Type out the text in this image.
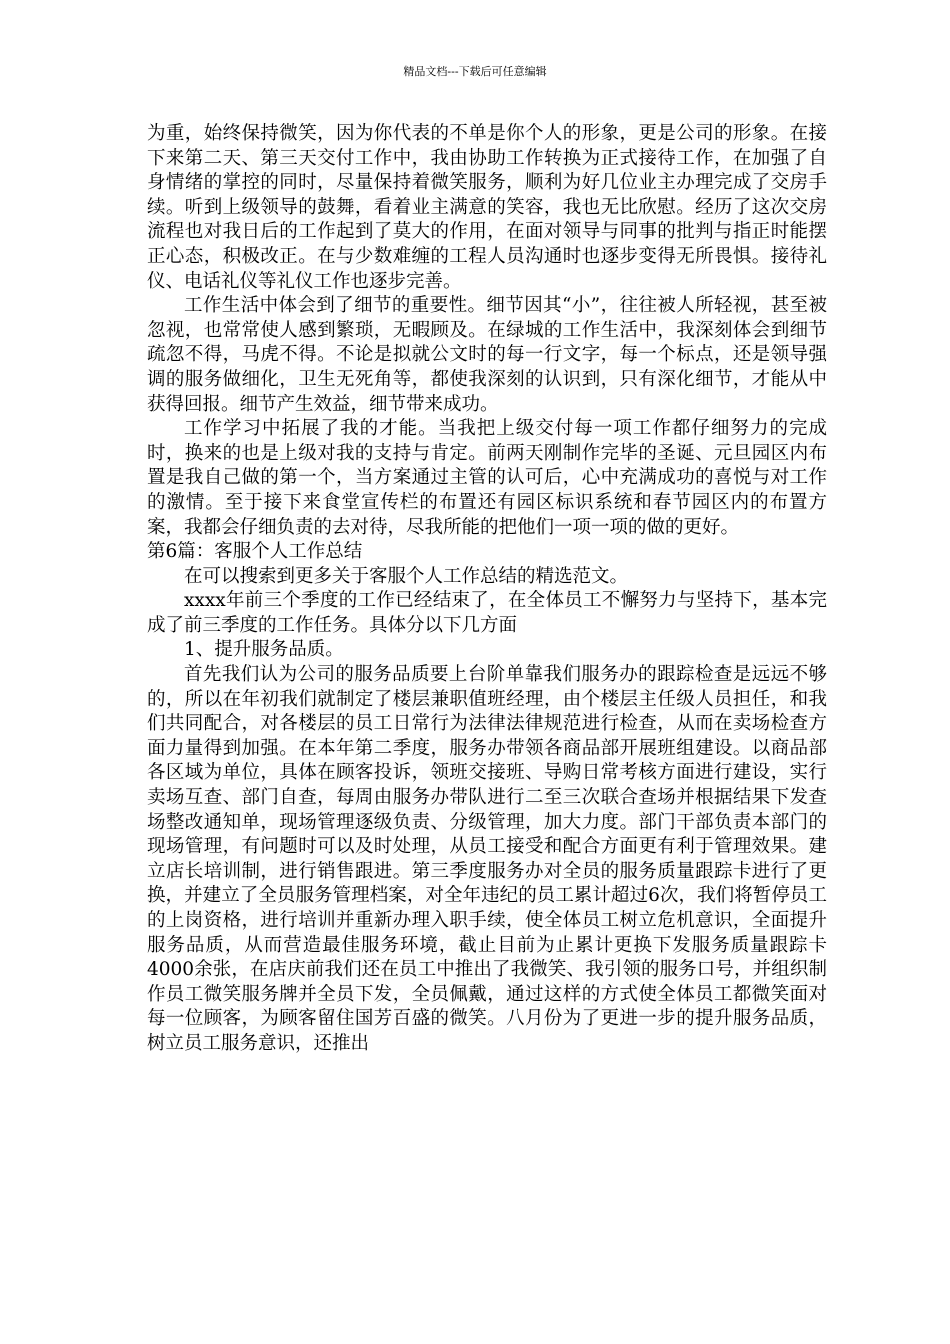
精品文档---下载后可任意编辑

为重，始终保持微笑，因为你代表的不单是你个人的形象，更是公司的形象。在接下来第二天、第三天交付工作中，我由协助工作转换为正式接待工作，在加强了自身情绪的掌控的同时，尽量保持着微笑服务，顺利为好几位业主办理完成了交房手续。听到上级领导的鼓舞，看着业主满意的笑容，我也无比欣慰。经历了这次交房流程也对我日后的工作起到了莫大的作用，在面对领导与同事的批判与指正时能摆正心态，积极改正。在与少数难缠的工程人员沟通时也逐步变得无所畏惧。接待礼仪、电话礼仪等礼仪工作也逐步完善。

工作生活中体会到了细节的重要性。细节因其“小”，往往被人所轻视，甚至被忽视，也常常使人感到繁琐，无暇顾及。在绿城的工作生活中，我深刻体会到细节疏忽不得，马虎不得。不论是拟就公文时的每一行文字，每一个标点，还是领导强调的服务做细化，卫生无死角等，都使我深刻的认识到，只有深化细节，才能从中获得回报。细节产生效益，细节带来成功。

工作学习中拓展了我的才能。当我把上级交付每一项工作都仔细努力的完成时，换来的也是上级对我的支持与肯定。前两天刚制作完毕的圣诞、元旦园区内布置是我自己做的第一个，当方案通过主管的认可后，心中充满成功的喜悦与对工作的激情。至于接下来食堂宣传栏的布置还有园区标识系统和春节园区内的布置方案，我都会仔细负责的去对待，尽我所能的把他们一项一项的做的更好。

第6篇：客服个人工作总结

在可以搜索到更多关于客服个人工作总结的精选范文。

xxxx年前三个季度的工作已经结束了，在全体员工不懈努力与坚持下，基本完成了前三季度的工作任务。具体分以下几方面

1、提升服务品质。

首先我们认为公司的服务品质要上台阶单靠我们服务办的跟踪检查是远远不够的，所以在年初我们就制定了楼层兼职值班经理，由个楼层主任级人员担任，和我们共同配合，对各楼层的员工日常行为法律法律规范进行检查，从而在卖场检查方面力量得到加强。在本年第二季度，服务办带领各商品部开展班组建设。以商品部各区域为单位，具体在顾客投诉，领班交接班、导购日常考核方面进行建设，实行卖场互查、部门自查，每周由服务办带队进行二至三次联合查场并根据结果下发查场整改通知单，现场管理逐级负责、分级管理，加大力度。部门干部负责本部门的现场管理，有问题时可以及时处理，从员工接受和配合方面更有利于管理效果。建立店长培训制，进行销售跟进。第三季度服务办对全员的服务质量跟踪卡进行了更换，并建立了全员服务管理档案，对全年违纪的员工累计超过6次，我们将暂停员工的上岗资格，进行培训并重新办理入职手续，使全体员工树立危机意识，全面提升服务品质，从而营造最佳服务环境，截止目前为止累计更换下发服务质量跟踪卡4000余张，在店庆前我们还在员工中推出了我微笑、我引领的服务口号，并组织制作员工微笑服务牌并全员下发，全员佩戴，通过这样的方式使全体员工都微笑面对每一位顾客，为顾客留住国芳百盛的微笑。八月份为了更进一步的提升服务品质，树立员工服务意识，还推出
